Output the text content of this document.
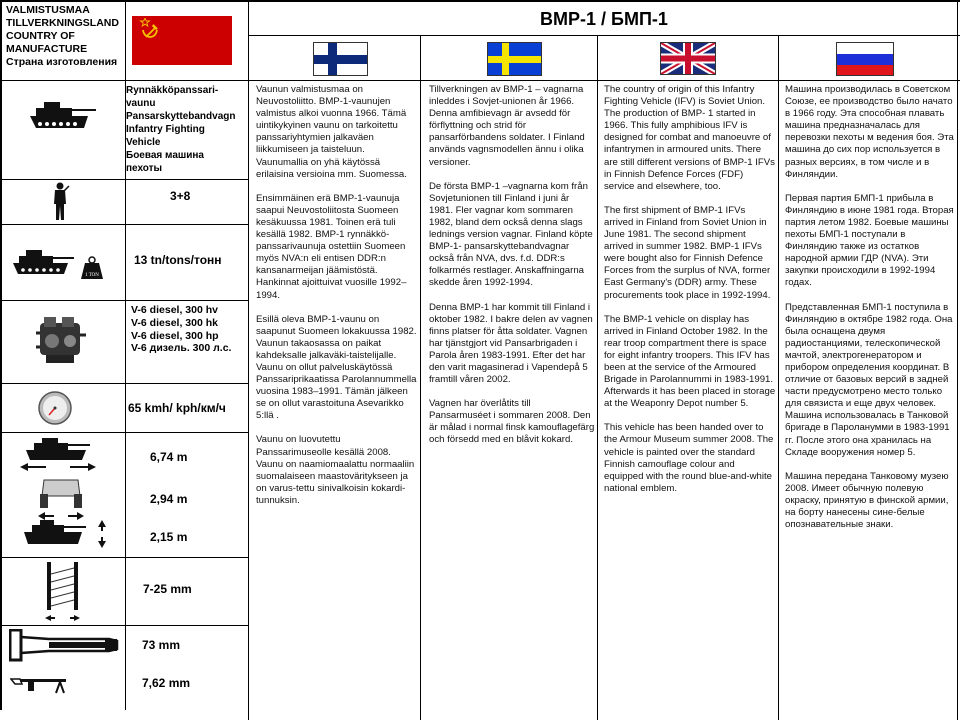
VALMISTUSMAA
TILLVERKNINGSLAND
COUNTRY OF
MANUFACTURE
Страна изготовления
BMP-1 / БМП-1
Rynnäkköpanssari-
vaunu
Pansarskyttebandvagn
Infantry Fighting
Vehicle
Боевая машина
пехоты
3+8
1 TON
13 tn/tons/тонн
V-6 diesel, 300 hv
V-6 diesel, 300 hk
V-6 diesel, 300 hp
V-6 дизель. 300 л.с.
65 kmh/ kph/км/ч
6,74 m
2,94 m
2,15 m
7-25 mm
73 mm
7,62 mm

Vaunun valmistusmaa on Neuvostoliitto. BMP-1-vaunujen valmistus alkoi vuonna 1966. Tämä uintikykyinen vaunu on tarkoitettu panssariyhtymien jalkaväen liikkumiseen ja taisteluun. Vaunumallia on yhä käytössä erilaisina versioina mm. Suomessa.

Ensimmäinen erä BMP-1-vaunuja saapui Neuvostoliitosta Suomeen kesäkuussa 1981. Toinen erä tuli kesällä 1982. BMP-1 rynnäkkö-panssarivaunuja ostettiin Suomeen myös NVA:n eli entisen DDR:n kansanarmeijan jäämistöstä. Hankinnat ajoittuivat vuosille 1992–1994.

Esillä oleva BMP-1-vaunu on saapunut Suomeen lokakuussa 1982. Vaunun takaosassa on paikat kahdeksalle jalkaväki-taistelijalle. Vaunu on ollut palveluskäytössä Panssariprikaatissa Parolannummella vuosina 1983–1991. Tämän jälkeen se on ollut varastoituna Asevarikko 5:llä .

Vaunu on luovutettu Panssarimuseolle kesällä 2008. Vaunu on naamiomaalattu normaaliin suomalaiseen maastoväritykseen ja on varus-tettu sinivalkoisin kokardi-tunnuksin.

Tillverkningen av BMP-1 – vagnarna inleddes i Sovjet-unionen år 1966. Denna amfibievagn är avsedd för förflyttning och strid för pansarförbandens soldater. I Finland används vagnsmodellen ännu i olika versioner.

De första BMP-1 –vagnarna kom från Sovjetunionen till Finland i juni år 1981. Fler vagnar kom sommaren 1982, bland dem också denna slags lednings version vagnar. Finland köpte BMP-1- pansarskyttebandvagnar också från NVA, dvs. f.d. DDR:s folkarmés restlager. Anskaffningarna skedde åren 1992-1994.

Denna BMP-1 har kommit till Finland i oktober 1982. I bakre delen av vagnen finns platser för åtta soldater. Vagnen har tjänstgjort vid Pansarbrigaden i Parola åren 1983-1991. Efter det har den varit magasinerad i Vapendepå 5 framtill våren 2002.

Vagnen har överlåtits till Pansarmuséet i sommaren 2008. Den är målad i normal finsk kamouflagefärg och försedd med en blåvit kokard.

The country of origin of this Infantry Fighting Vehicle (IFV) is Soviet Union. The production of BMP- 1 started in 1966. This fully amphibious IFV is designed for combat and manoeuvre of infantrymen in armoured units. There are still different versions of BMP-1 IFVs in Finnish Defence Forces (FDF) service and elsewhere, too.

The first shipment of BMP-1 IFVs arrived in Finland from Soviet Union in June 1981. The second shipment arrived in summer 1982. BMP-1 IFVs were bought also for Finnish Defence Forces from the surplus of NVA, former East Germany's (DDR) army. These procurements took place in 1992-1994.

The BMP-1 vehicle on display has arrived in Finland October 1982. In the rear troop compartment there is space for eight infantry troopers. This IFV has been at the service of the Armoured Brigade in Parolannummi in 1983-1991. Afterwards it has been placed in storage at the Weaponry Depot number 5.

This vehicle has been handed over to the Armour Museum summer 2008. The vehicle is painted over the standard Finnish camouflage colour and equipped with the round blue-and-white national emblem.

Машина производилась в Советском Союзе, ее производство было начато в 1966 году. Эта способная плавать машина предназначалась для перевозки пехоты м ведения боя. Эта машина до сих пор используется в разных версиях, в том числе и в Финляндии.

Первая партия БМП-1 прибыла в Финляндию в июне 1981 года. Вторая партия летом 1982. Боевые машины пехоты БМП-1 поступали в Финляндию также из остатков народной армии ГДР (NVA). Эти закупки происходили в 1992-1994 годах.

Представленная БМП-1 поступила в Финляндию в октябре 1982 года. Она была оснащена двумя радиостанциями, телескопической мачтой, электрогенератором и прибором определения координат. В отличие от базовых версий в задней части предусмотрено место только для связиста и еще двух человек. Машина использовалась в Танковой бригаде в Пароланумми в 1983-1991 гг. После этого она хранилась на Складе вооружения номер 5.

Машина передана Танковому музею 2008. Имеет обычную полевую окраску, принятую в финской армии, на борту нанесены сине-белые опознавательные знаки.
